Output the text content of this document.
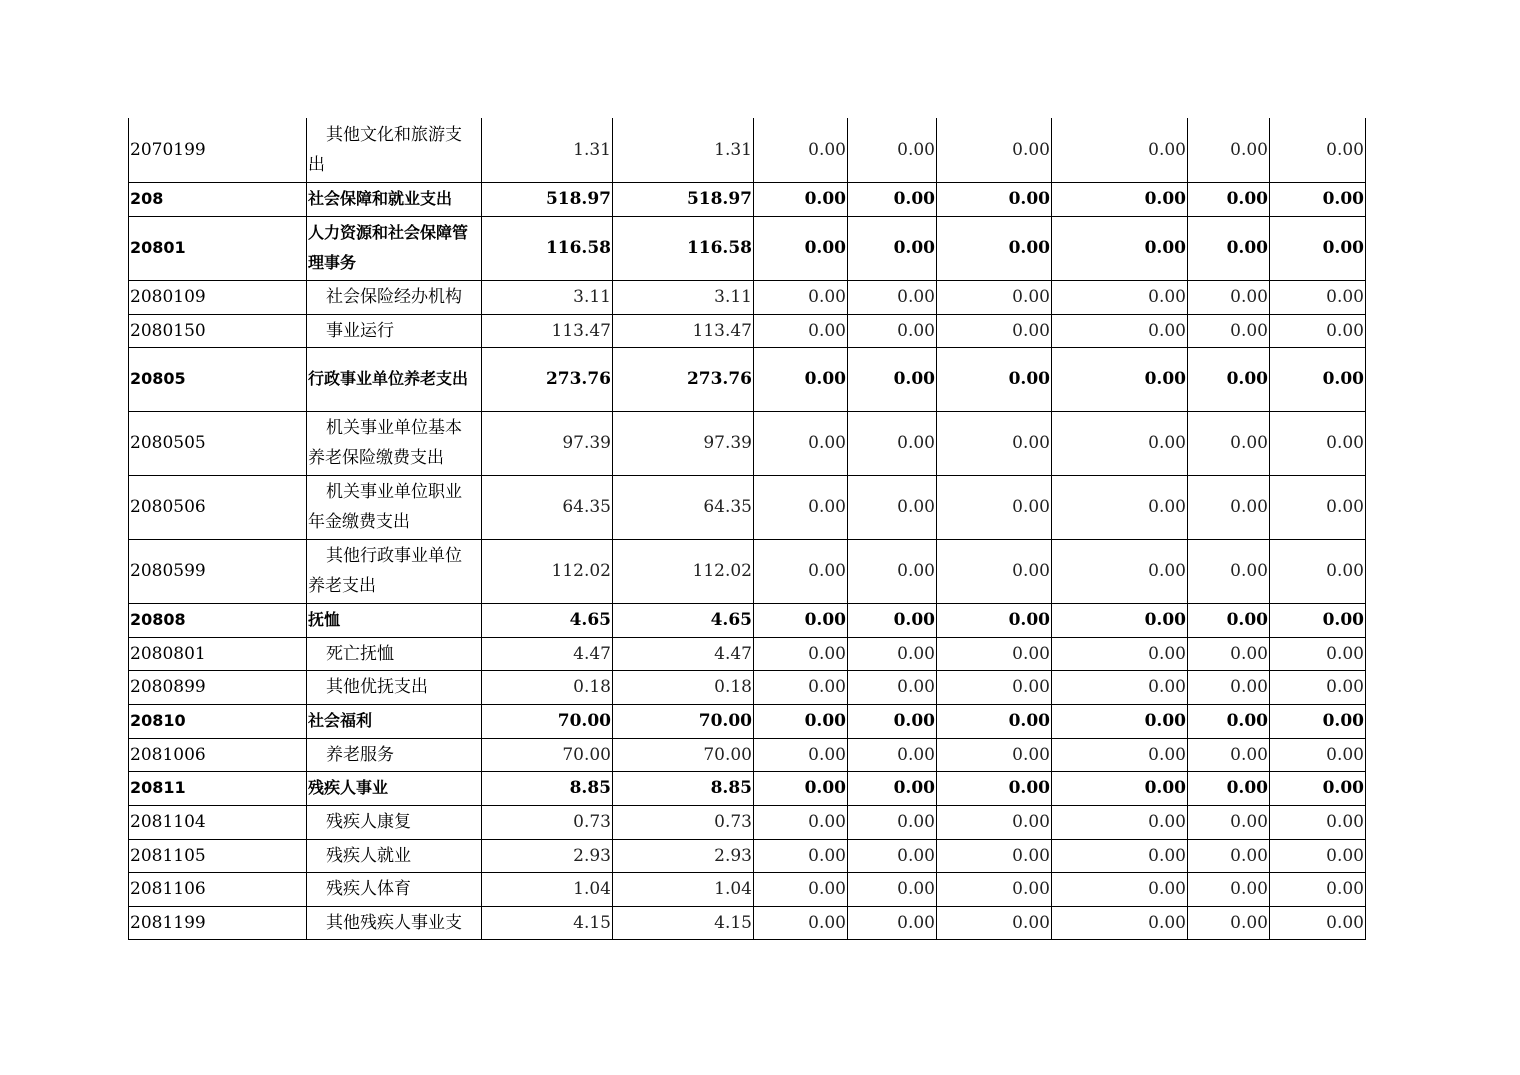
2070199	其他文化和旅游支出	1.31	1.31	0.00	0.00	0.00	0.00	0.00	0.00
208	社会保障和就业支出	518.97	518.97	0.00	0.00	0.00	0.00	0.00	0.00
20801	人力资源和社会保障管理事务	116.58	116.58	0.00	0.00	0.00	0.00	0.00	0.00
2080109	社会保险经办机构	3.11	3.11	0.00	0.00	0.00	0.00	0.00	0.00
2080150	事业运行	113.47	113.47	0.00	0.00	0.00	0.00	0.00	0.00
20805	行政事业单位养老支出	273.76	273.76	0.00	0.00	0.00	0.00	0.00	0.00
2080505	机关事业单位基本养老保险缴费支出	97.39	97.39	0.00	0.00	0.00	0.00	0.00	0.00
2080506	机关事业单位职业年金缴费支出	64.35	64.35	0.00	0.00	0.00	0.00	0.00	0.00
2080599	其他行政事业单位养老支出	112.02	112.02	0.00	0.00	0.00	0.00	0.00	0.00
20808	抚恤	4.65	4.65	0.00	0.00	0.00	0.00	0.00	0.00
2080801	死亡抚恤	4.47	4.47	0.00	0.00	0.00	0.00	0.00	0.00
2080899	其他优抚支出	0.18	0.18	0.00	0.00	0.00	0.00	0.00	0.00
20810	社会福利	70.00	70.00	0.00	0.00	0.00	0.00	0.00	0.00
2081006	养老服务	70.00	70.00	0.00	0.00	0.00	0.00	0.00	0.00
20811	残疾人事业	8.85	8.85	0.00	0.00	0.00	0.00	0.00	0.00
2081104	残疾人康复	0.73	0.73	0.00	0.00	0.00	0.00	0.00	0.00
2081105	残疾人就业	2.93	2.93	0.00	0.00	0.00	0.00	0.00	0.00
2081106	残疾人体育	1.04	1.04	0.00	0.00	0.00	0.00	0.00	0.00
2081199	其他残疾人事业支	4.15	4.15	0.00	0.00	0.00	0.00	0.00	0.00
